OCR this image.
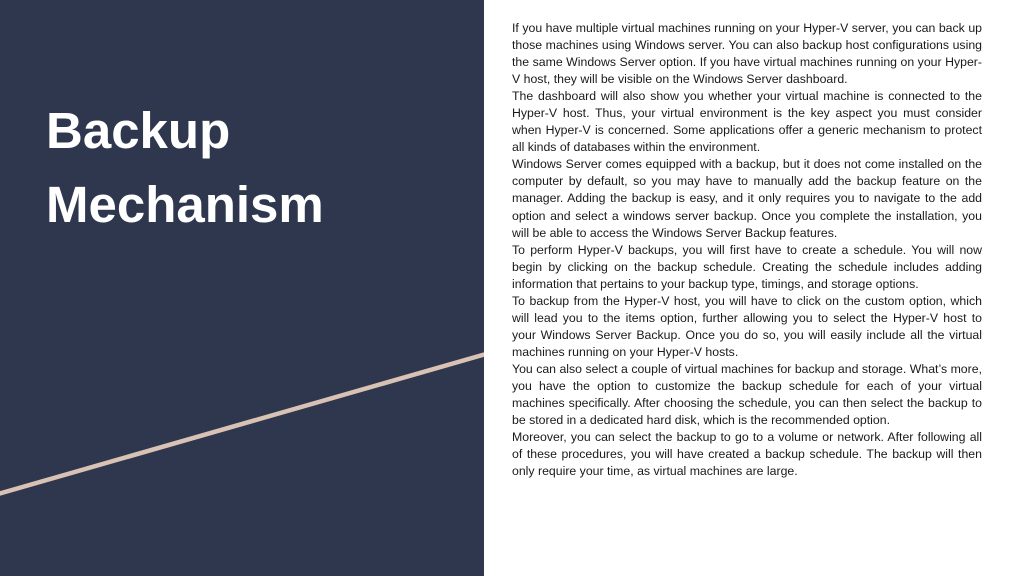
Backup
Mechanism

If you have multiple virtual machines running on your Hyper-V server, you can back up those machines using Windows server. You can also backup host configurations using the same Windows Server option. If you have virtual machines running on your Hyper-V host, they will be visible on the Windows Server dashboard.

The dashboard will also show you whether your virtual machine is connected to the Hyper-V host. Thus, your virtual environment is the key aspect you must consider when Hyper-V is concerned. Some applications offer a generic mechanism to protect all kinds of databases within the environment.

Windows Server comes equipped with a backup, but it does not come installed on the computer by default, so you may have to manually add the backup feature on the manager. Adding the backup is easy, and it only requires you to navigate to the add option and select a windows server backup. Once you complete the installation, you will be able to access the Windows Server Backup features.

To perform Hyper-V backups, you will first have to create a schedule. You will now begin by clicking on the backup schedule. Creating the schedule includes adding information that pertains to your backup type, timings, and storage options.

To backup from the Hyper-V host, you will have to click on the custom option, which will lead you to the items option, further allowing you to select the Hyper-V host to your Windows Server Backup. Once you do so, you will easily include all the virtual machines running on your Hyper-V hosts.

You can also select a couple of virtual machines for backup and storage. What’s more, you have the option to customize the backup schedule for each of your virtual machines specifically. After choosing the schedule, you can then select the backup to be stored in a dedicated hard disk, which is the recommended option.

Moreover, you can select the backup to go to a volume or network. After following all of these procedures, you will have created a backup schedule. The backup will then only require your time, as virtual machines are large.
